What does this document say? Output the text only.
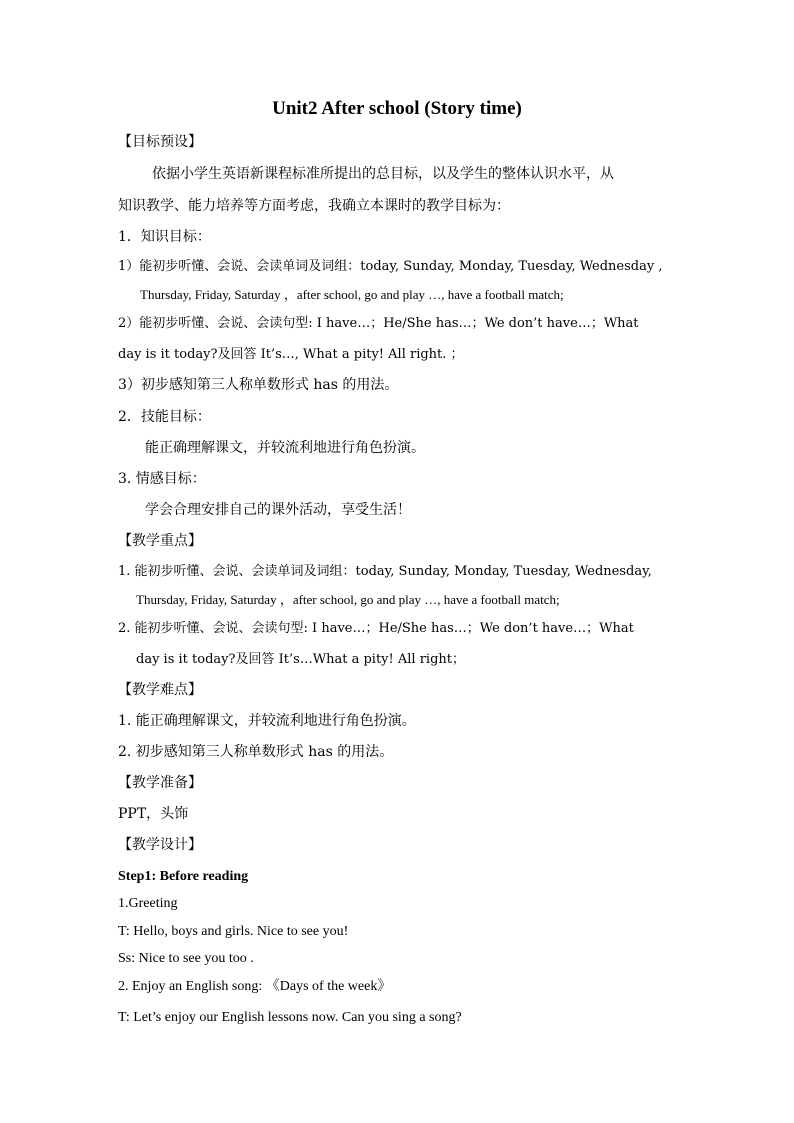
Unit2 After school (Story time)
【目标预设】
依据小学生英语新课程标准所提出的总目标，以及学生的整体认识水平，从
知识教学、能力培养等方面考虑，我确立本课时的教学目标为：
1．知识目标：
1）能初步听懂、会说、会读单词及词组：today, Sunday, Monday, Tuesday, Wednesday ,
Thursday, Friday, Saturday ，after school, go and play …, have a football match;
2）能初步听懂、会说、会读句型: I have…；He/She has…；We don’t have…；What
day is it today?及回答 It’s…, What a pity! All right. ；
3）初步感知第三人称单数形式 has 的用法。
2．技能目标：
能正确理解课文，并较流利地进行角色扮演。
3. 情感目标：
学会合理安排自己的课外活动，享受生活！
【教学重点】
1. 能初步听懂、会说、会读单词及词组：today, Sunday, Monday, Tuesday, Wednesday,
Thursday, Friday, Saturday ，after school, go and play …, have a football match;
2. 能初步听懂、会说、会读句型: I have…；He/She has…；We don’t have…；What
day is it today?及回答 It’s…What a pity! All right；
【教学难点】
1. 能正确理解课文，并较流利地进行角色扮演。
2. 初步感知第三人称单数形式 has 的用法。
【教学准备】
PPT，头饰
【教学设计】
Step1: Before reading
1.Greeting
T: Hello, boys and girls. Nice to see you!
Ss: Nice to see you too .
2. Enjoy an English song: 《Days of the week》
T: Let’s enjoy our English lessons now. Can you sing a song?
